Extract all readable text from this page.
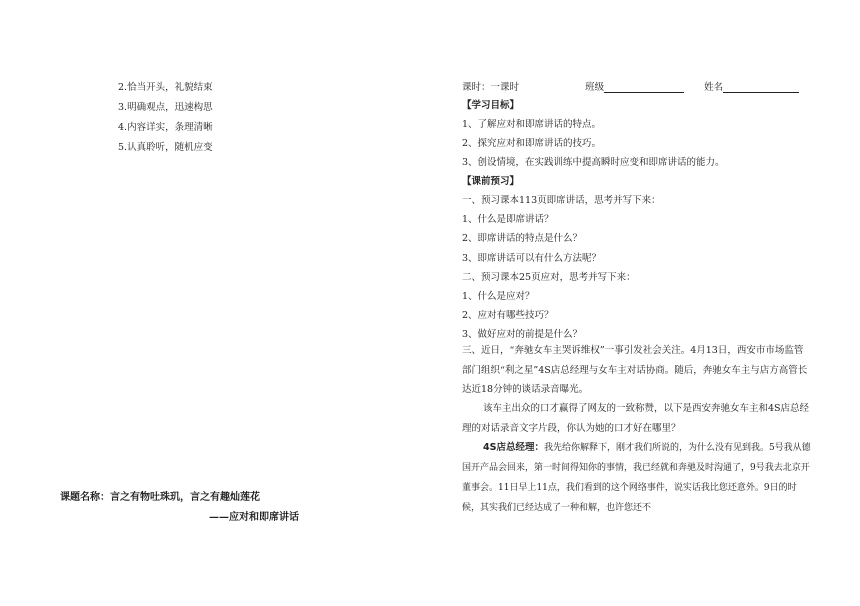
2.恰当开头，礼貌结束
3.明确观点，迅速构思
4.内容详实，条理清晰
5.认真聆听，随机应变
课题名称：言之有物吐珠玑，言之有趣灿莲花
——应对和即席讲话
课时：一课时	班级	姓名
【学习目标】
1、了解应对和即席讲话的特点。
2、探究应对和即席讲话的技巧。
3、创设情境，在实践训练中提高瞬时应变和即席讲话的能力。
【课前预习】
一、预习课本113页即席讲话，思考并写下来：
1、什么是即席讲话？
2、即席讲话的特点是什么？
3、即席讲话可以有什么方法呢？
二、预习课本25页应对，思考并写下来：
1、什么是应对？
2、应对有哪些技巧？
3、做好应对的前提是什么？
三、近日，“奔驰女车主哭诉维权”一事引发社会关注。4月13日，西安市市场监管部门组织“利之星”4S店总经理与女车主对话协商。随后，奔驰女车主与店方高管长达近18分钟的谈话录音曝光。
该车主出众的口才赢得了网友的一致称赞，以下是西安奔驰女车主和4S店总经理的对话录音文字片段，你认为她的口才好在哪里？
4S店总经理：我先给你解释下，刚才我们所说的，为什么没有见到我。5号我从德国开产品会回来，第一时间得知你的事情，我已经就和奔驰及时沟通了，9号我去北京开董事会。11日早上11点，我们看到的这个网络事件，说实话我比您还意外。9日的时候，其实我们已经达成了一种和解，也许您还不
